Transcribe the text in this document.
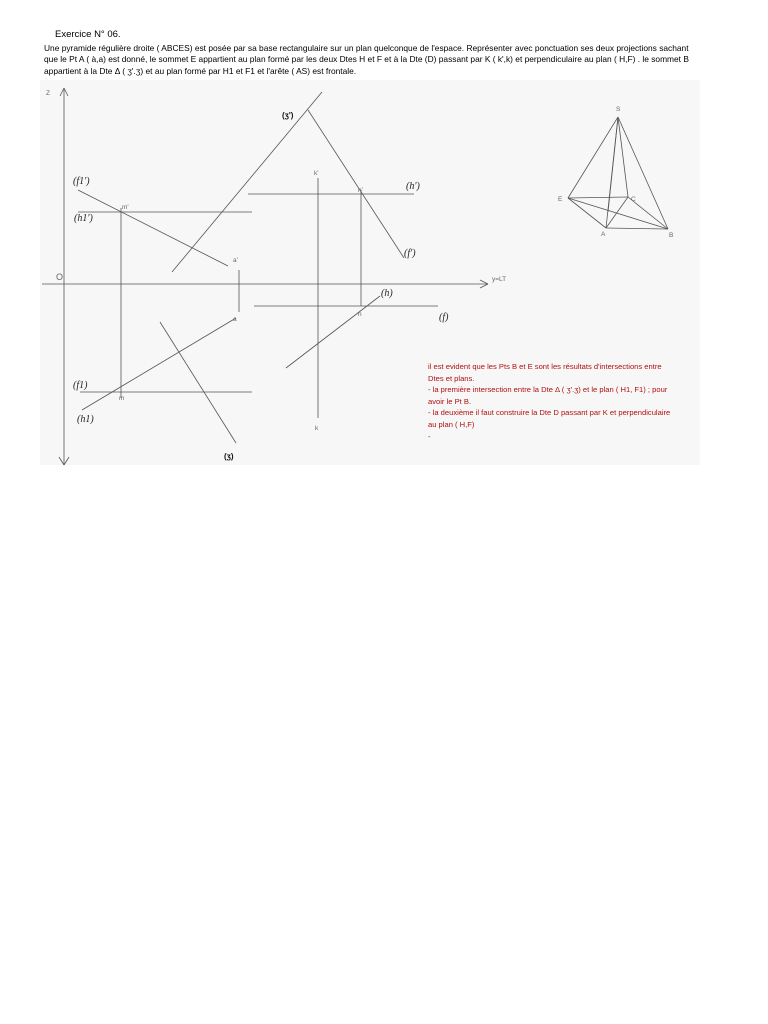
Exercice N° 06.
Une pyramide régulière droite ( ABCES) est posée par sa base rectangulaire sur un plan quelconque de l'espace. Représenter avec ponctuation ses deux projections sachant que le Pt A ( à,a) est donné, le sommet E appartient au plan formé par les deux Dtes H et F et à la Dte (D) passant par K ( k',k) et perpendiculaire au plan ( H,F) . le sommet B appartient à la Dte Δ ( ʒ'.ʒ) et au plan formé par H1 et F1 et l'arête ( AS) est frontale.
Z
y=LT
O
(ʒ')
(ʒ)
k'
k
n'
n
m'
m
a'
a
(h')
(f')
(h)
(f)
(f1')
(h1')
(f1)
(h1)
S
E	C
A	B

il est evident que les Pts B et E sont les résultats d'intersections entre Dtes et plans.

- la première intersection entre la Dte Δ ( ʒ'.ʒ) et le plan ( H1, F1) ; pour avoir le Pt B.

- la deuxième il faut construire la Dte D passant par K et perpendiculaire au plan ( H,F)

-
